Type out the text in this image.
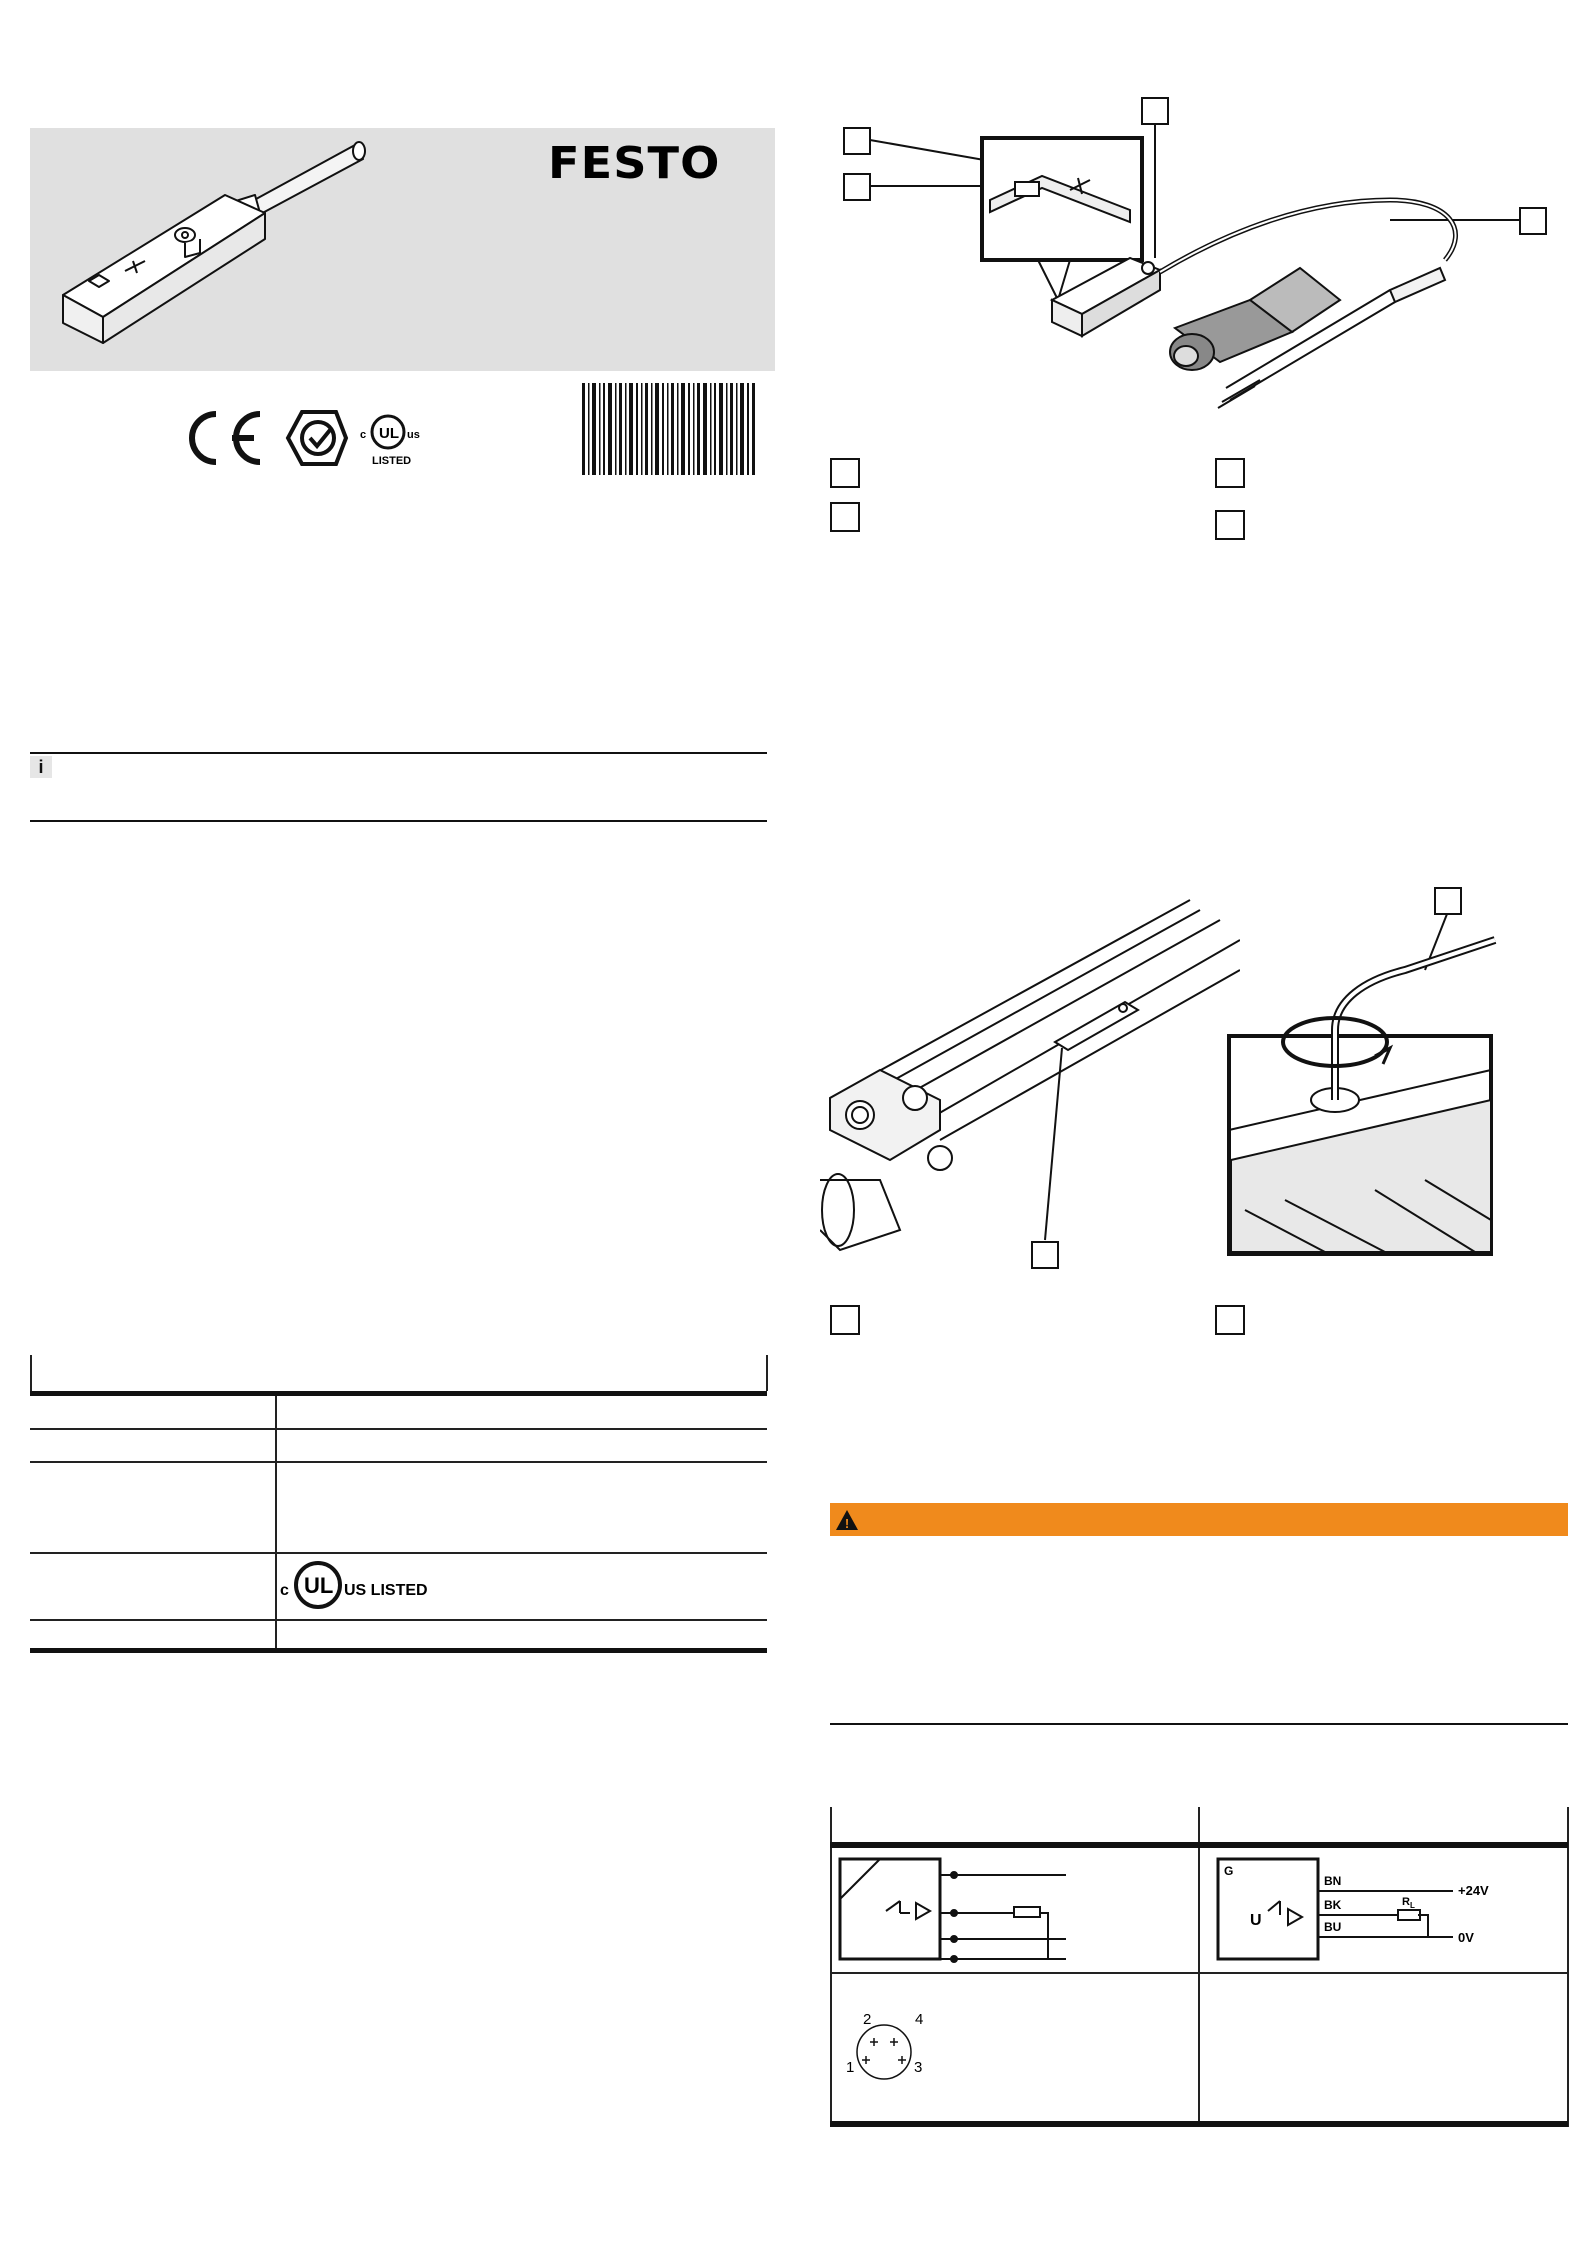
FESTO
c UL us
LISTED
i
c UL US LISTED
!
G
U
BN
BK
BU
$R_L$
+24V
0V
2	4
1	3
